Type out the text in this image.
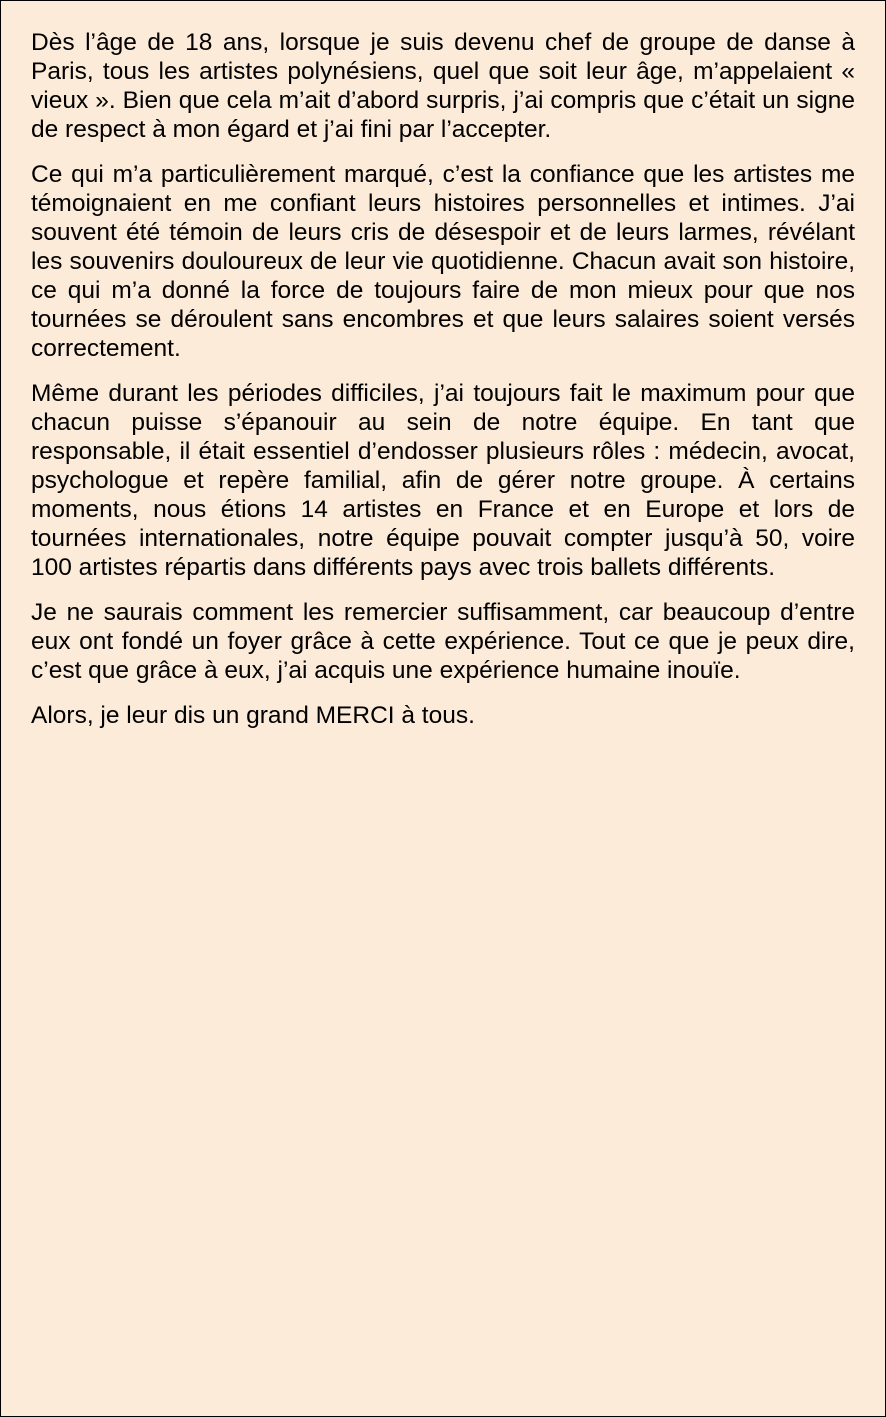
Dès l’âge de 18 ans, lorsque je suis devenu chef de groupe de danse à Paris, tous les artistes polynésiens, quel que soit leur âge, m’appelaient « vieux ». Bien que cela m’ait d’abord surpris, j’ai compris que c’était un signe de respect à mon égard et j’ai fini par l’accepter.

Ce qui m’a particulièrement marqué, c’est la confiance que les artistes me témoignaient en me confiant leurs histoires personnelles et intimes. J’ai souvent été témoin de leurs cris de désespoir et de leurs larmes, révélant les souvenirs douloureux de leur vie quotidienne. Chacun avait son histoire, ce qui m’a donné la force de toujours faire de mon mieux pour que nos tournées se déroulent sans encombres et que leurs salaires soient versés correctement.

Même durant les périodes difficiles, j’ai toujours fait le maximum pour que chacun puisse s’épanouir au sein de notre équipe. En tant que responsable, il était essentiel d’endosser plusieurs rôles : médecin, avocat, psychologue et repère familial, afin de gérer notre groupe. À certains moments, nous étions 14 artistes en France et en Europe et lors de tournées internationales, notre équipe pouvait compter jusqu’à 50, voire 100 artistes répartis dans différents pays avec trois ballets différents.

Je ne saurais comment les remercier suffisamment, car beaucoup d’entre eux ont fondé un foyer grâce à cette expérience. Tout ce que je peux dire, c’est que grâce à eux, j’ai acquis une expérience humaine inouïe.

Alors, je leur dis un grand MERCI à tous.
